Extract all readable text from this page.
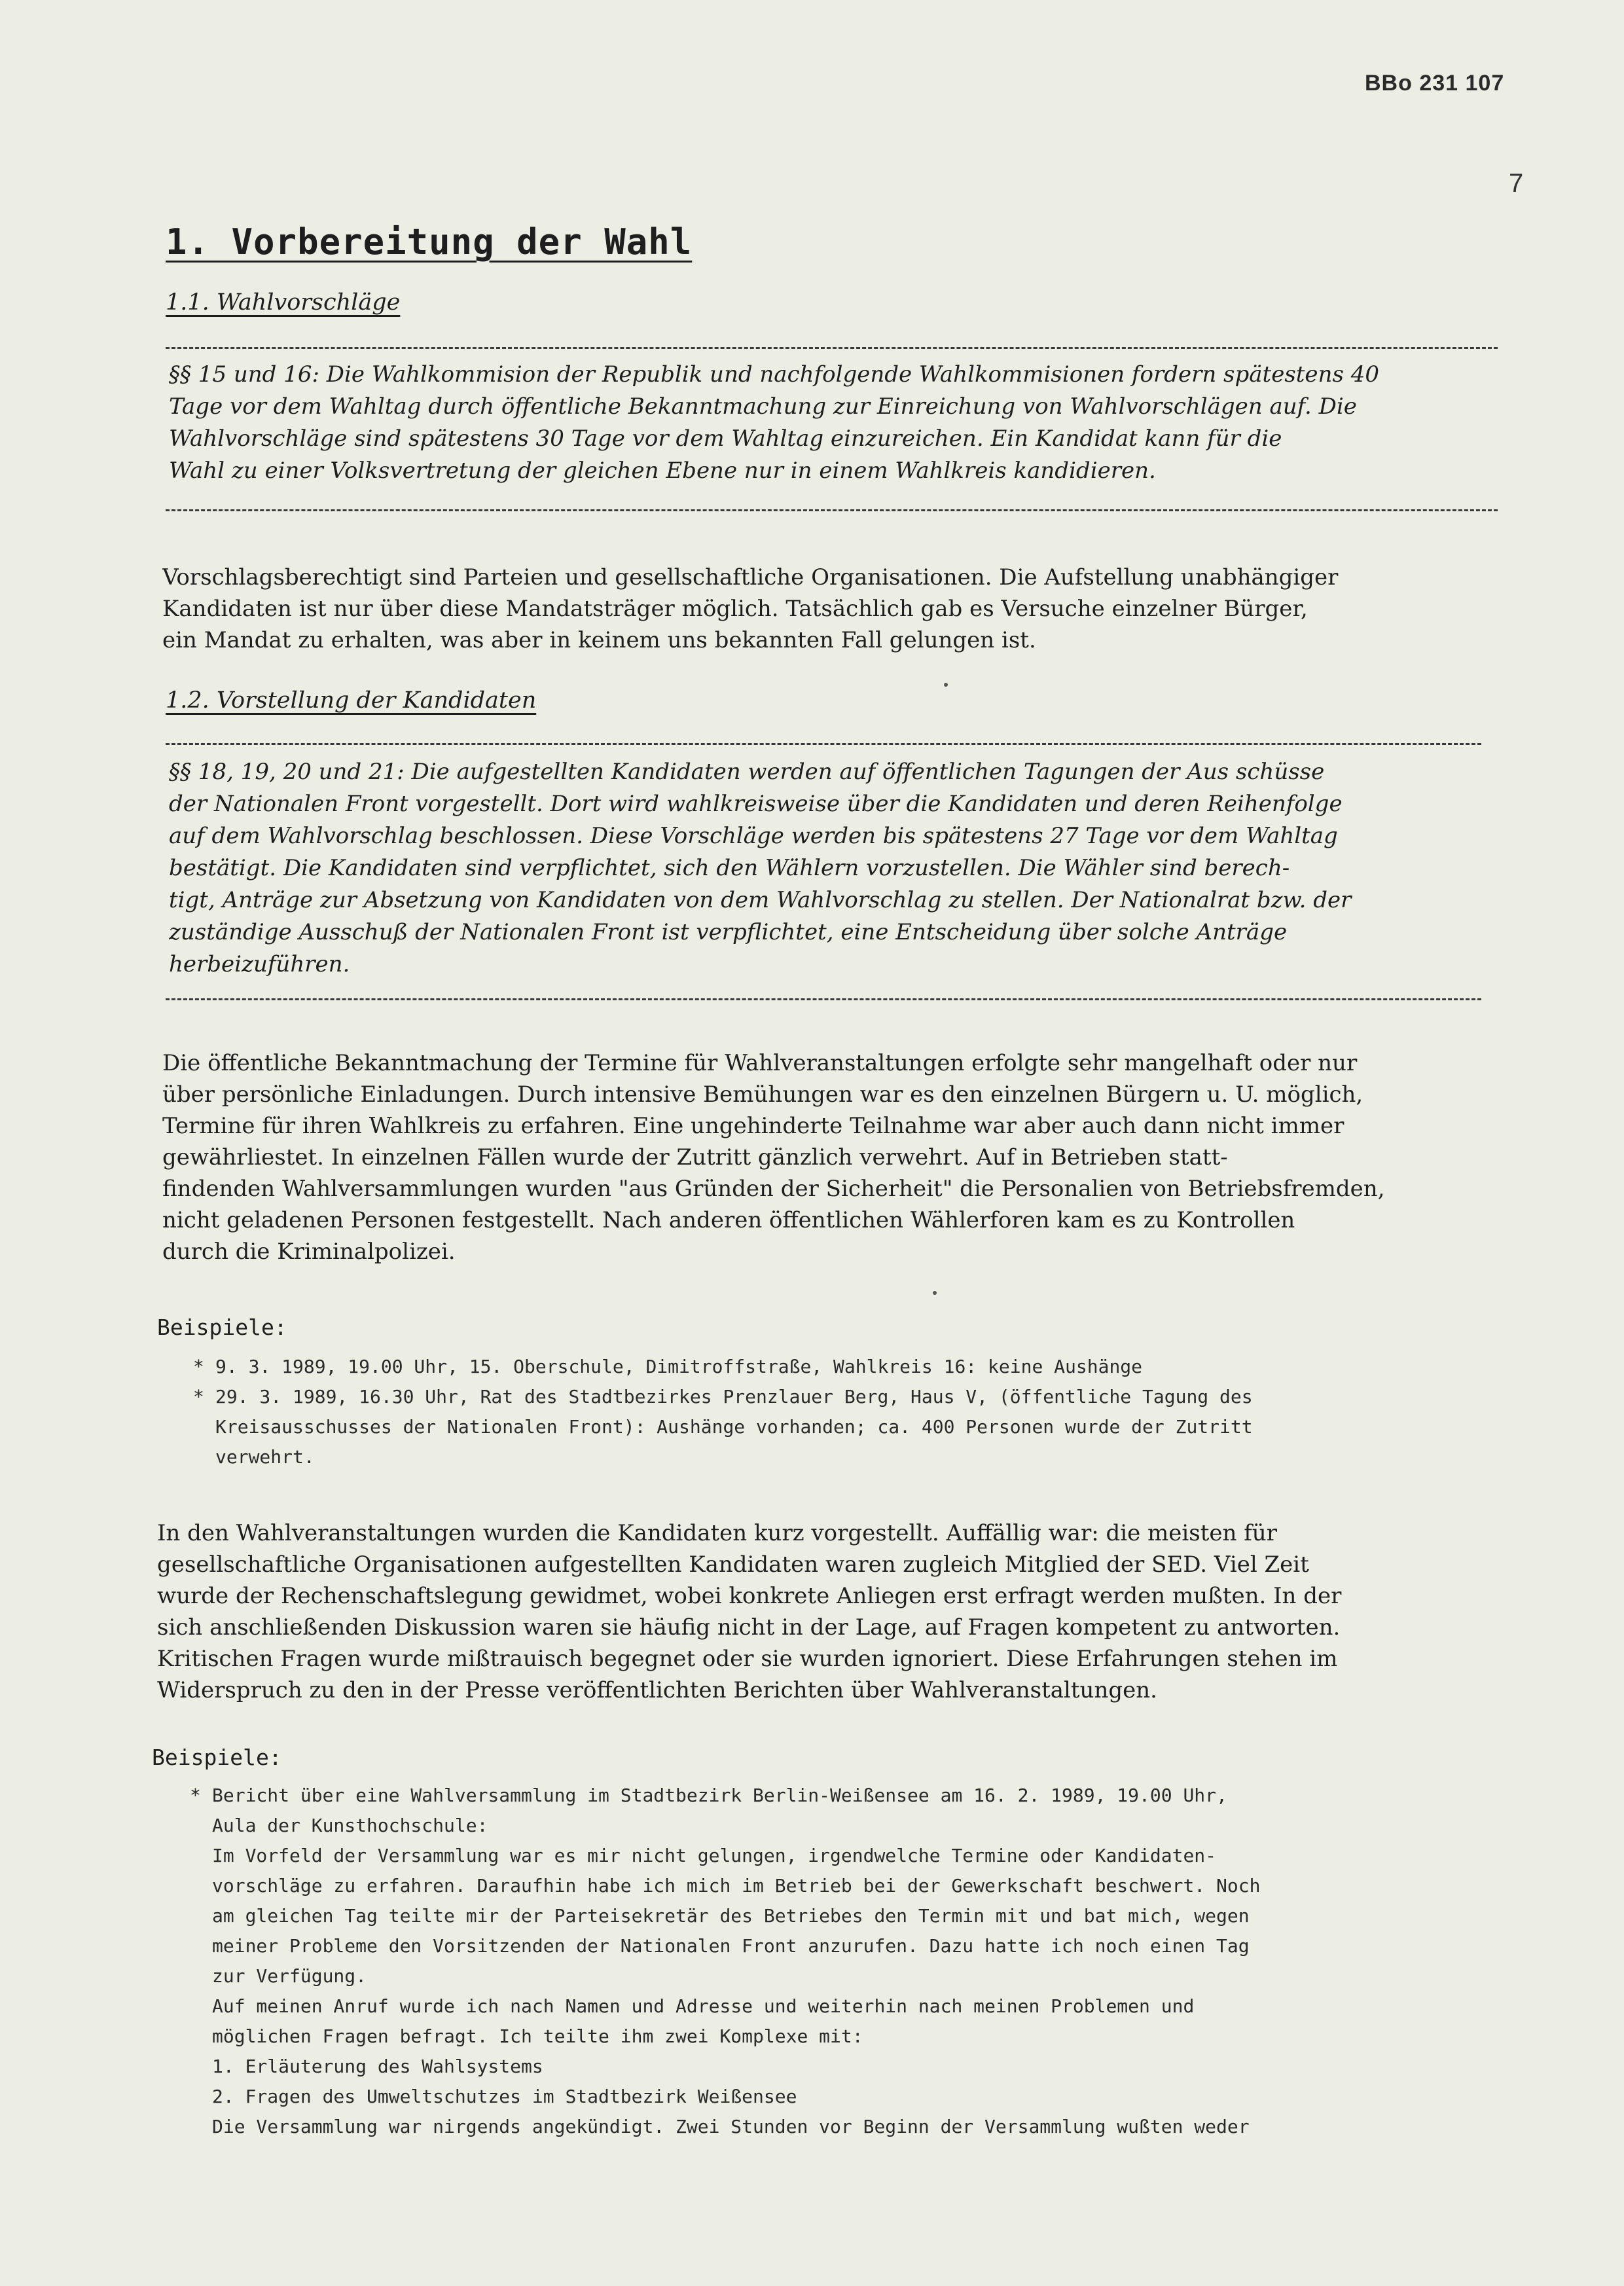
BBo 231 107
7
1. Vorbereitung der Wahl
1.1. Wahlvorschläge
§§ 15 und 16: Die Wahlkommision der Republik und nachfolgende Wahlkommisionen fordern spätestens 40
Tage vor dem Wahltag durch öffentliche Bekanntmachung zur Einreichung von Wahlvorschlägen auf. Die
Wahlvorschläge sind spätestens 30 Tage vor dem Wahltag einzureichen. Ein Kandidat kann für die
Wahl zu einer Volksvertretung der gleichen Ebene nur in einem Wahlkreis kandidieren.
Vorschlagsberechtigt sind Parteien und gesellschaftliche Organisationen. Die Aufstellung unabhängiger
Kandidaten ist nur über diese Mandatsträger möglich. Tatsächlich gab es Versuche einzelner Bürger,
ein Mandat zu erhalten, was aber in keinem uns bekannten Fall gelungen ist.
1.2. Vorstellung der Kandidaten
§§ 18, 19, 20 und 21: Die aufgestellten Kandidaten werden auf öffentlichen Tagungen der Aus schüsse
der Nationalen Front vorgestellt. Dort wird wahlkreisweise über die Kandidaten und deren Reihenfolge
auf dem Wahlvorschlag beschlossen. Diese Vorschläge werden bis spätestens 27 Tage vor dem Wahltag
bestätigt. Die Kandidaten sind verpflichtet, sich den Wählern vorzustellen. Die Wähler sind berech-
tigt, Anträge zur Absetzung von Kandidaten von dem Wahlvorschlag zu stellen. Der Nationalrat bzw. der
zuständige Ausschuß der Nationalen Front ist verpflichtet, eine Entscheidung über solche Anträge
herbeizuführen.
Die öffentliche Bekanntmachung der Termine für Wahlveranstaltungen erfolgte sehr mangelhaft oder nur
über persönliche Einladungen. Durch intensive Bemühungen war es den einzelnen Bürgern u. U. möglich,
Termine für ihren Wahlkreis zu erfahren. Eine ungehinderte Teilnahme war aber auch dann nicht immer
gewährliestet. In einzelnen Fällen wurde der Zutritt gänzlich verwehrt. Auf in Betrieben statt-
findenden Wahlversammlungen wurden "aus Gründen der Sicherheit" die Personalien von Betriebsfremden,
nicht geladenen Personen festgestellt. Nach anderen öffentlichen Wählerforen kam es zu Kontrollen
durch die Kriminalpolizei.
Beispiele:
* 9. 3. 1989, 19.00 Uhr, 15. Oberschule, Dimitroffstraße, Wahlkreis 16: keine Aushänge
* 29. 3. 1989, 16.30 Uhr, Rat des Stadtbezirkes Prenzlauer Berg, Haus V, (öffentliche Tagung des
Kreisausschusses der Nationalen Front): Aushänge vorhanden; ca. 400 Personen wurde der Zutritt
verwehrt.
In den Wahlveranstaltungen wurden die Kandidaten kurz vorgestellt. Auffällig war: die meisten für
gesellschaftliche Organisationen aufgestellten Kandidaten waren zugleich Mitglied der SED. Viel Zeit
wurde der Rechenschaftslegung gewidmet, wobei konkrete Anliegen erst erfragt werden mußten. In der
sich anschließenden Diskussion waren sie häufig nicht in der Lage, auf Fragen kompetent zu antworten.
Kritischen Fragen wurde mißtrauisch begegnet oder sie wurden ignoriert. Diese Erfahrungen stehen im
Widerspruch zu den in der Presse veröffentlichten Berichten über Wahlveranstaltungen.
Beispiele:
* Bericht über eine Wahlversammlung im Stadtbezirk Berlin-Weißensee am 16. 2. 1989, 19.00 Uhr,
Aula der Kunsthochschule:
Im Vorfeld der Versammlung war es mir nicht gelungen, irgendwelche Termine oder Kandidaten-
vorschläge zu erfahren. Daraufhin habe ich mich im Betrieb bei der Gewerkschaft beschwert. Noch
am gleichen Tag teilte mir der Parteisekretär des Betriebes den Termin mit und bat mich, wegen
meiner Probleme den Vorsitzenden der Nationalen Front anzurufen. Dazu hatte ich noch einen Tag
zur Verfügung.
Auf meinen Anruf wurde ich nach Namen und Adresse und weiterhin nach meinen Problemen und
möglichen Fragen befragt. Ich teilte ihm zwei Komplexe mit:
1. Erläuterung des Wahlsystems
2. Fragen des Umweltschutzes im Stadtbezirk Weißensee
Die Versammlung war nirgends angekündigt. Zwei Stunden vor Beginn der Versammlung wußten weder
